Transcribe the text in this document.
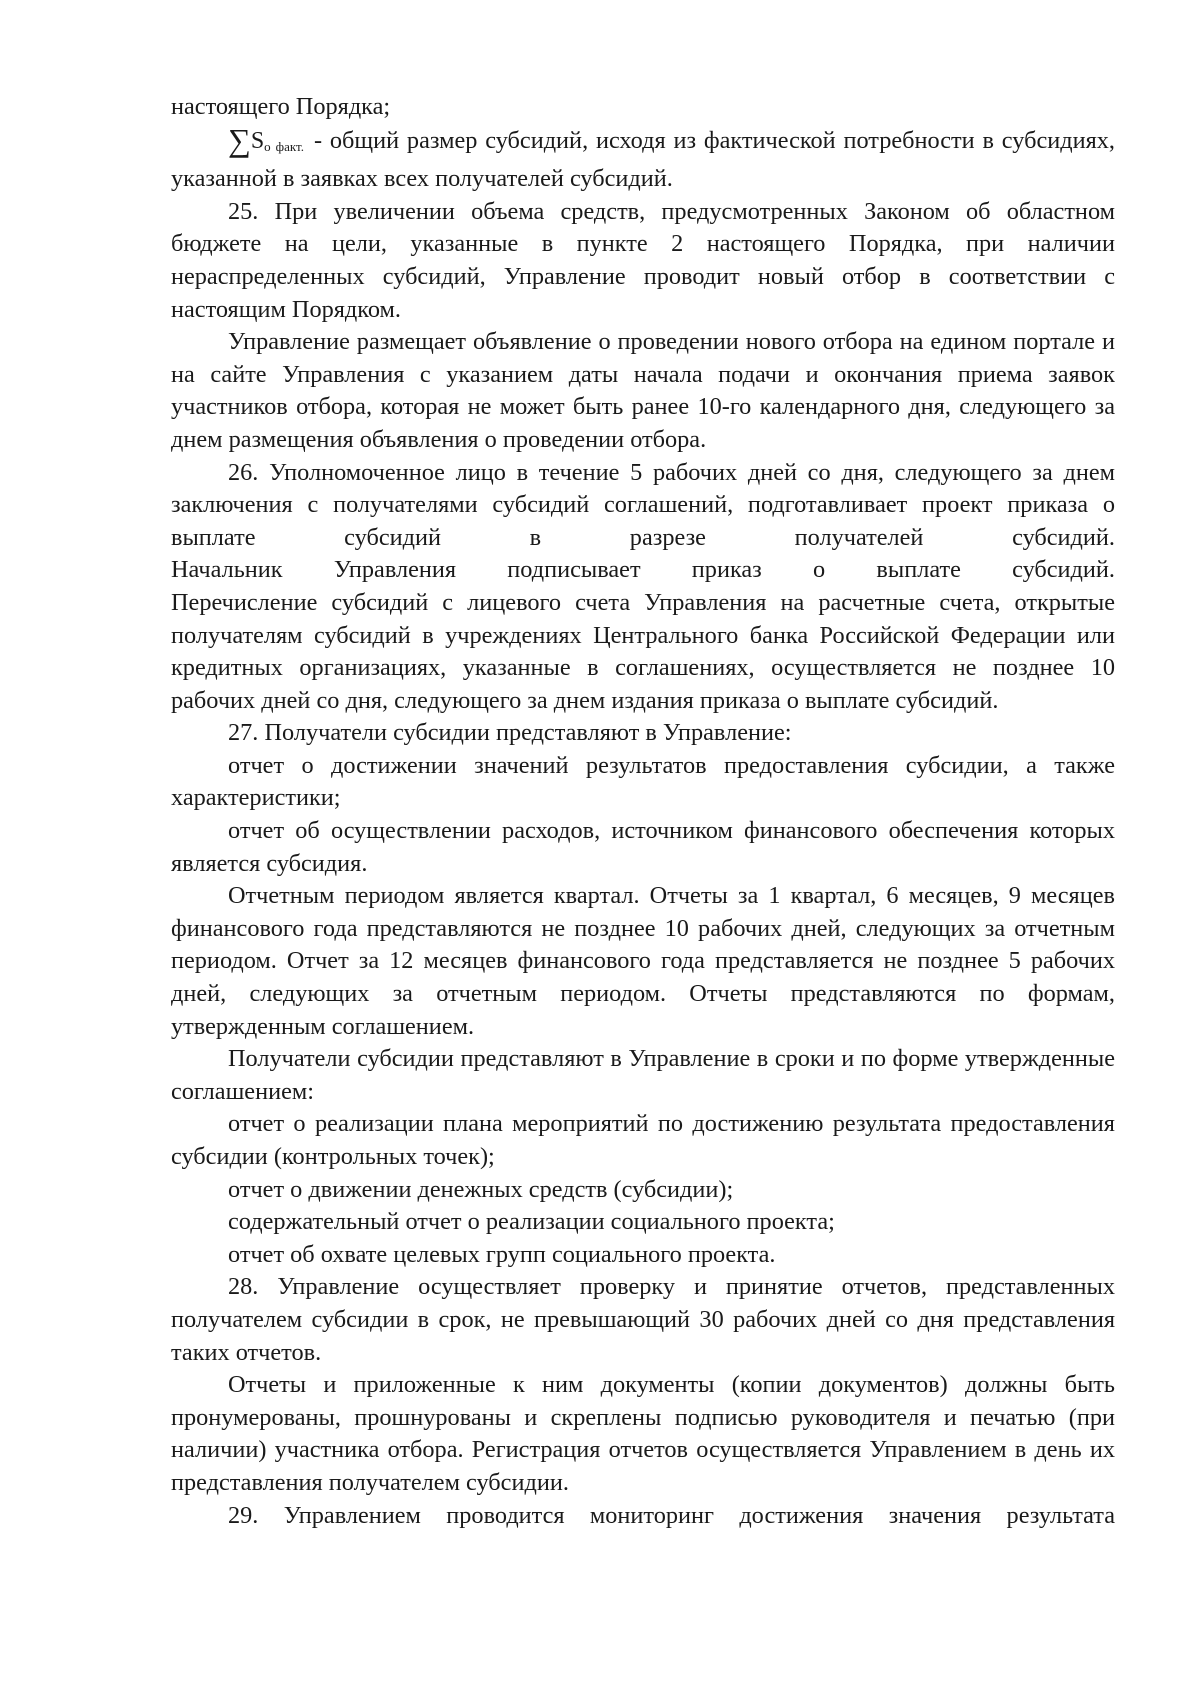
настоящего Порядка;

∑Sо факт. - общий размер субсидий, исходя из фактической потребности в субсидиях, указанной в заявках всех получателей субсидий.

25. При увеличении объема средств, предусмотренных Законом об областном бюджете на цели, указанные в пункте 2 настоящего Порядка, при наличии нераспределенных субсидий, Управление проводит новый отбор в соответствии с настоящим Порядком.

Управление размещает объявление о проведении нового отбора на едином портале и на сайте Управления с указанием даты начала подачи и окончания приема заявок участников отбора, которая не может быть ранее 10-го календарного дня, следующего за днем размещения объявления о проведении отбора.

26. Уполномоченное лицо в течение 5 рабочих дней со дня, следующего за днем заключения с получателями субсидий соглашений, подготавливает проект приказа о выплате субсидий в разрезе получателей субсидий.

Начальник Управления подписывает приказ о выплате субсидий.

Перечисление субсидий с лицевого счета Управления на расчетные счета, открытые получателям субсидий в учреждениях Центрального банка Российской Федерации или кредитных организациях, указанные в соглашениях, осуществляется не позднее 10 рабочих дней со дня, следующего за днем издания приказа о выплате субсидий.

27. Получатели субсидии представляют в Управление:

отчет о достижении значений результатов предоставления субсидии, а также характеристики;

отчет об осуществлении расходов, источником финансового обеспечения которых является субсидия.

Отчетным периодом является квартал. Отчеты за 1 квартал, 6 месяцев, 9 месяцев финансового года представляются не позднее 10 рабочих дней, следующих за отчетным периодом. Отчет за 12 месяцев финансового года представляется не позднее 5 рабочих дней, следующих за отчетным периодом. Отчеты представляются по формам, утвержденным соглашением.

Получатели субсидии представляют в Управление в сроки и по форме утвержденные соглашением:

отчет о реализации плана мероприятий по достижению результата предоставления субсидии (контрольных точек);

отчет о движении денежных средств (субсидии);

содержательный отчет о реализации социального проекта;

отчет об охвате целевых групп социального проекта.

28. Управление осуществляет проверку и принятие отчетов, представленных получателем субсидии в срок, не превышающий 30 рабочих дней со дня представления таких отчетов.

Отчеты и приложенные к ним документы (копии документов) должны быть пронумерованы, прошнурованы и скреплены подписью руководителя и печатью (при наличии) участника отбора. Регистрация отчетов осуществляется Управлением в день их представления получателем субсидии.

29. Управлением проводится мониторинг достижения значения результата
